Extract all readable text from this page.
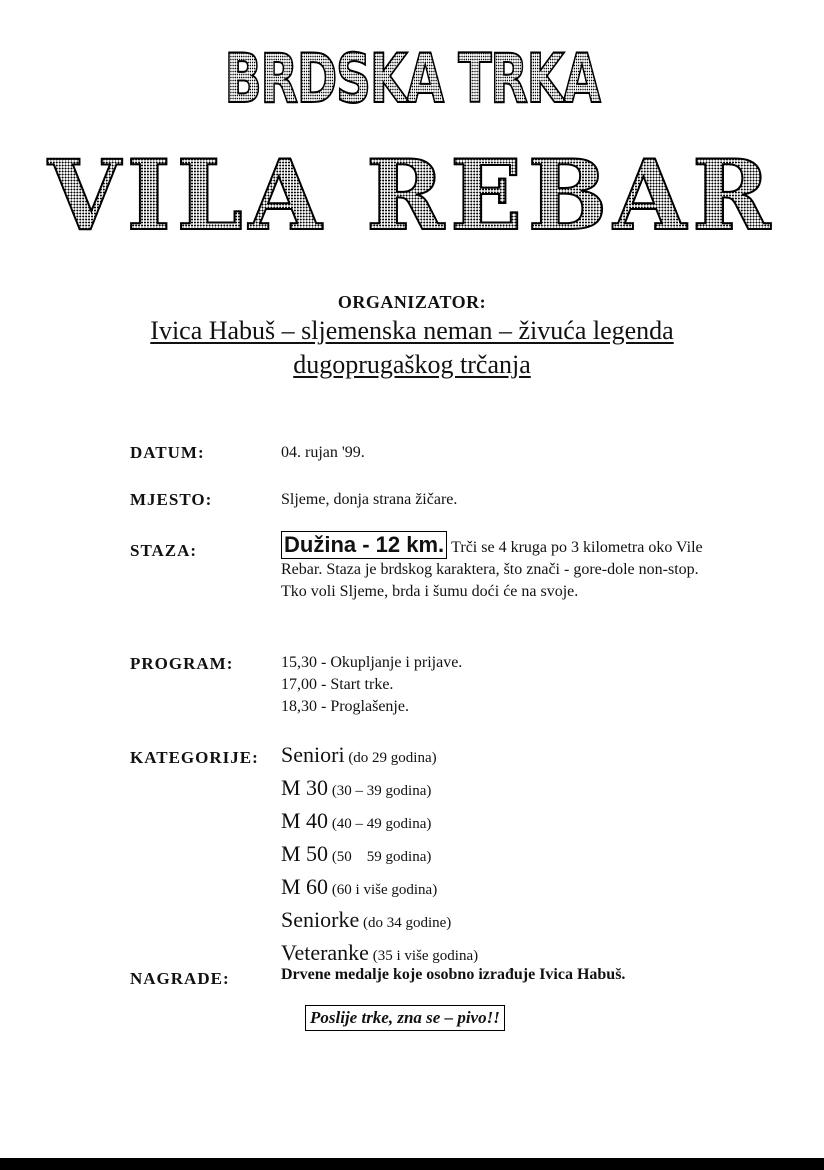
BRDSKA TRKA
VILA REBAR
ORGANIZATOR:
Ivica Habuš – sljemenska neman – živuća legenda
dugoprugaškog trčanja
DATUM:	04. rujan '99.
MJESTO:	Sljeme, donja strana žičare.
STAZA:	Dužina - 12 km. Trči se 4 kruga po 3 kilometra oko Vile Rebar. Staza je brdskog karaktera, što znači - gore-dole non-stop. Tko voli Sljeme, brda i šumu doći će na svoje.
PROGRAM:	15,30 - Okupljanje i prijave.
17,00 - Start trke.
18,30 - Proglašenje.
KATEGORIJE: Seniori (do 29 godina)
M 30 (30 – 39 godina)
M 40 (40 – 49 godina)
M 50 (50    59 godina)
M 60 (60 i više godina)
Seniorke (do 34 godine)
Veteranke (35 i više godina)
NAGRADE:	Drvene medalje koje osobno izrađuje Ivica Habuš.
Poslije trke, zna se – pivo!!
